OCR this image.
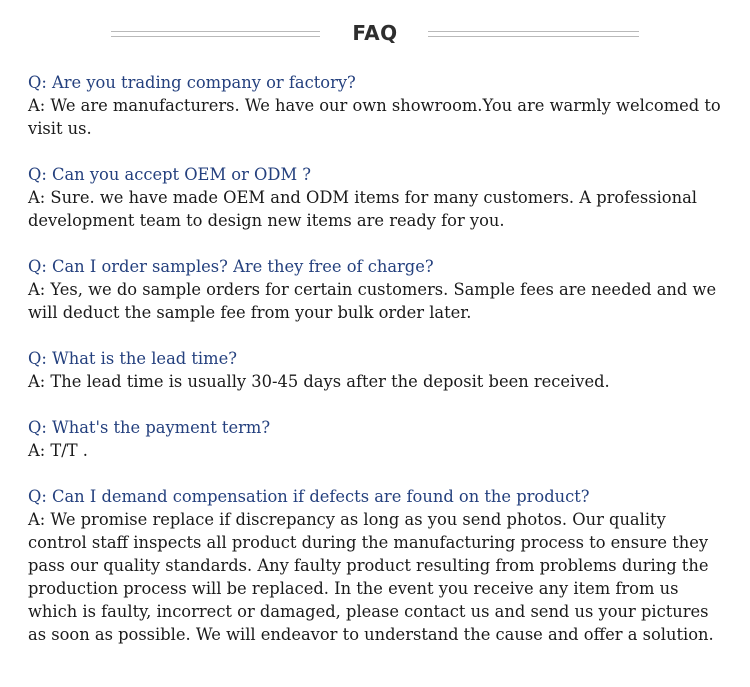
FAQ
Q: Are you trading company or factory?
A: We are manufacturers. We have our own showroom.You are warmly welcomed to visit us.
Q: Can you accept OEM or ODM ?
A: Sure. we have made OEM and ODM items for many customers. A professional development team to design new items are ready for you.
Q: Can I order samples? Are they free of charge?
A: Yes, we do sample orders for certain customers. Sample fees are needed and we will deduct the sample fee from your bulk order later.
Q: What is the lead time?
A: The lead time is usually 30-45 days after the deposit been received.
Q: What's the payment term?
A: T/T .
Q: Can I demand compensation if defects are found on the product?
A: We promise replace if discrepancy as long as you send photos. Our quality control staff inspects all product during the manufacturing process to ensure they pass our quality standards. Any faulty product resulting from problems during the production process will be replaced. In the event you receive any item from us which is faulty, incorrect or damaged, please contact us and send us your pictures as soon as possible. We will endeavor to understand the cause and offer a solution.
